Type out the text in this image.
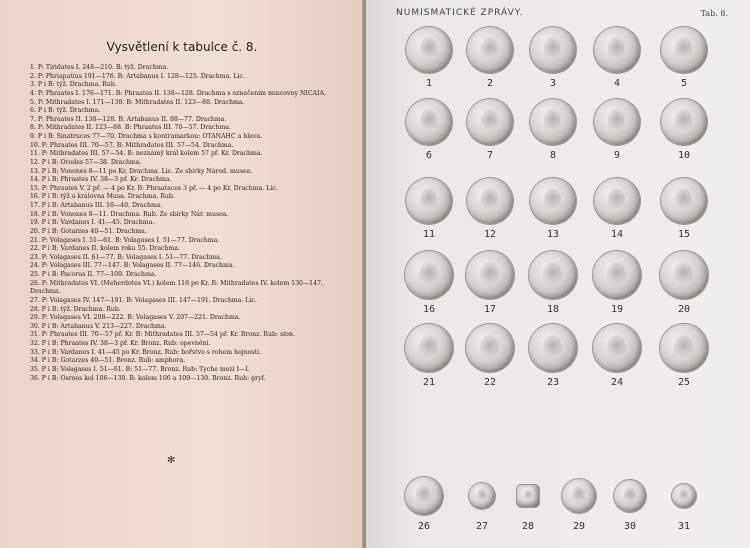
Vysvětlení k tabulce č. 8.
1. P: Tiridates I. 248—210. B: týž. Drachma.
2. P: Phriapatius 191—176. B: Artabanus I. 128—125. Drachma. Lic.
3. P i B: týž. Drachma. Rub.
4. P: Phraates I. 176—171. B: Phraates II. 138—128. Drachma s označením mincovny NICAIA.
5. P: Mithradates I. 171—138. B: Mithradates II. 123—88. Drachma.
6. P i B: týž. Drachma.
7. P: Phraates II. 138—128. B: Artabanus II. 88—77. Drachma.
8. P: Mithradates II. 123—88. B: Phraates III. 70—57. Drachma.
9. P i B: Sinatruces 77—70. Drachma s kontramarkou: OTANAHC a hlava.
10. P: Phraates III. 70—57. B: Mithradates III. 57—54. Drachma.
11. P: Mithradates III. 57—54. B: neznámý král kolem 57 př. Kr. Drachma.
12. P i B: Orodes 57—38. Drachma.
13. P i B: Vonones 8—11 po Kr. Drachma. Lic. Ze sbírky Národ. musea.
14. P i B: Phraates IV. 38—3 př. Kr. Drachma.
15. P: Phraates V. 2 př. — 4 po Kr. B: Phraataces 3 př. — 4 po Kr. Drachma. Lic.
16. P i B: týž a královna Musa. Drachma. Rub.
17. P i B: Artabanus III. 10—40. Drachma.
18. P i B: Vonones 8—11. Drachma. Rub. Ze sbírky Nár. musea.
19. P i B: Vardanes I. 41—45. Drachma.
20. P i B: Gotarzes 40—51. Drachma.
21. P: Volagases I. 51—61. B: Volagases I. 51—77. Drachma.
22. P i B: Vardanes II. kolem roku 55. Drachma.
23. P: Volagases II. 61—77. B: Volagases I. 51—77. Drachma.
24. P: Volagases III. 77—147. B: Volagases II. 77—146. Drachma.
25. P i B: Pacorus II. 77—109. Drachma.
26. P: Mithradates VI. (Meherdotes VI.) kolem 116 po Kr. B: Mithradates IV. kolem 130—147. Drachma.
27. P: Volagases IV. 147—191. B: Volagases III. 147—191. Drachma. Lic.
28. P i B: týž. Drachma. Rub.
29. P: Volagases VI. 208—222. B: Volagases V. 207—221. Drachma.
30. P i B: Artabanus V. 213—227. Drachma.
31. P: Phraates III. 70—57 př. Kr. B: Mithradates III. 57—54 př. Kr. Bronz. Rub: slon.
32. P i B: Phraates IV. 38—3 př. Kr. Bronz. Rub: opevnění.
33. P i B: Vardanes I. 41—45 po Kr. Bronz. Rub: bořstvo s rohem hojnosti.
34. P i B: Gotarzes 40—51. Bronz. Rub: amphora.
35. P i B: Volagases I. 51—61. B: 51—77. Bronz. Rub: Tyche mezi I—I.
36. P i B: Osroes kol 106—130. B: kolem 106 a 109—130. Bronz. Rub: gryf.
✻
NUMISMATICKÉ ZPRÁVY.	Tab. 8.
1	2	3	4	5
6	7	8	9	10
11	12	13	14	15
16	17	18	19	20
21	22	23	24	25
26	27	28	29	30	31
